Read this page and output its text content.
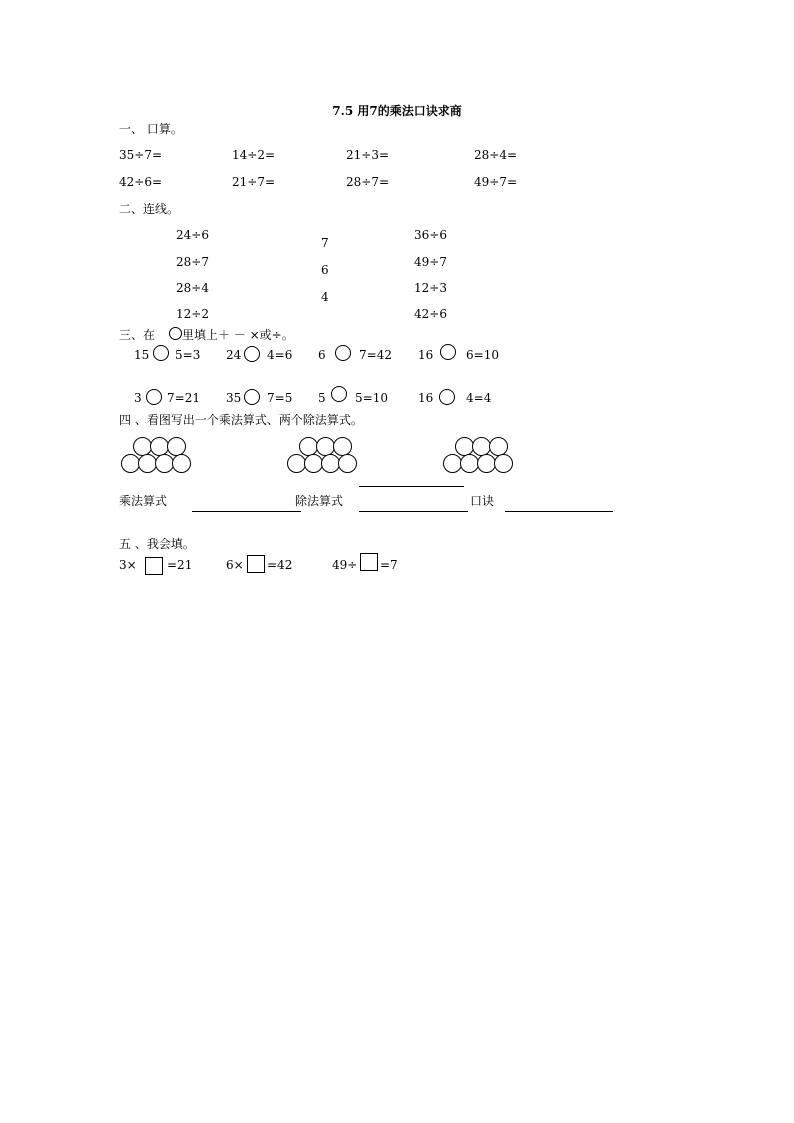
7.5 用7的乘法口诀求商
一、 口算。
35÷7=	14÷2=	21÷3=	28÷4=
42÷6=	21÷7=	28÷7=	49÷7=
二、连线。
24÷6
28÷7
28÷4
12÷2
7
6
4
36÷6
49÷7
12÷3
42÷6
三、在 里填上＋ － ×或÷。
15 5=3 24 4=6 6	7=42 16	6=10
3 7=21 35 7=5 5 5=10	16	4=4
四 、看图写出一个乘法算式、两个除法算式。
乘法算式	除法算式	口诀
五 、我会填。
3×	=21	6× =42	49÷ =7
